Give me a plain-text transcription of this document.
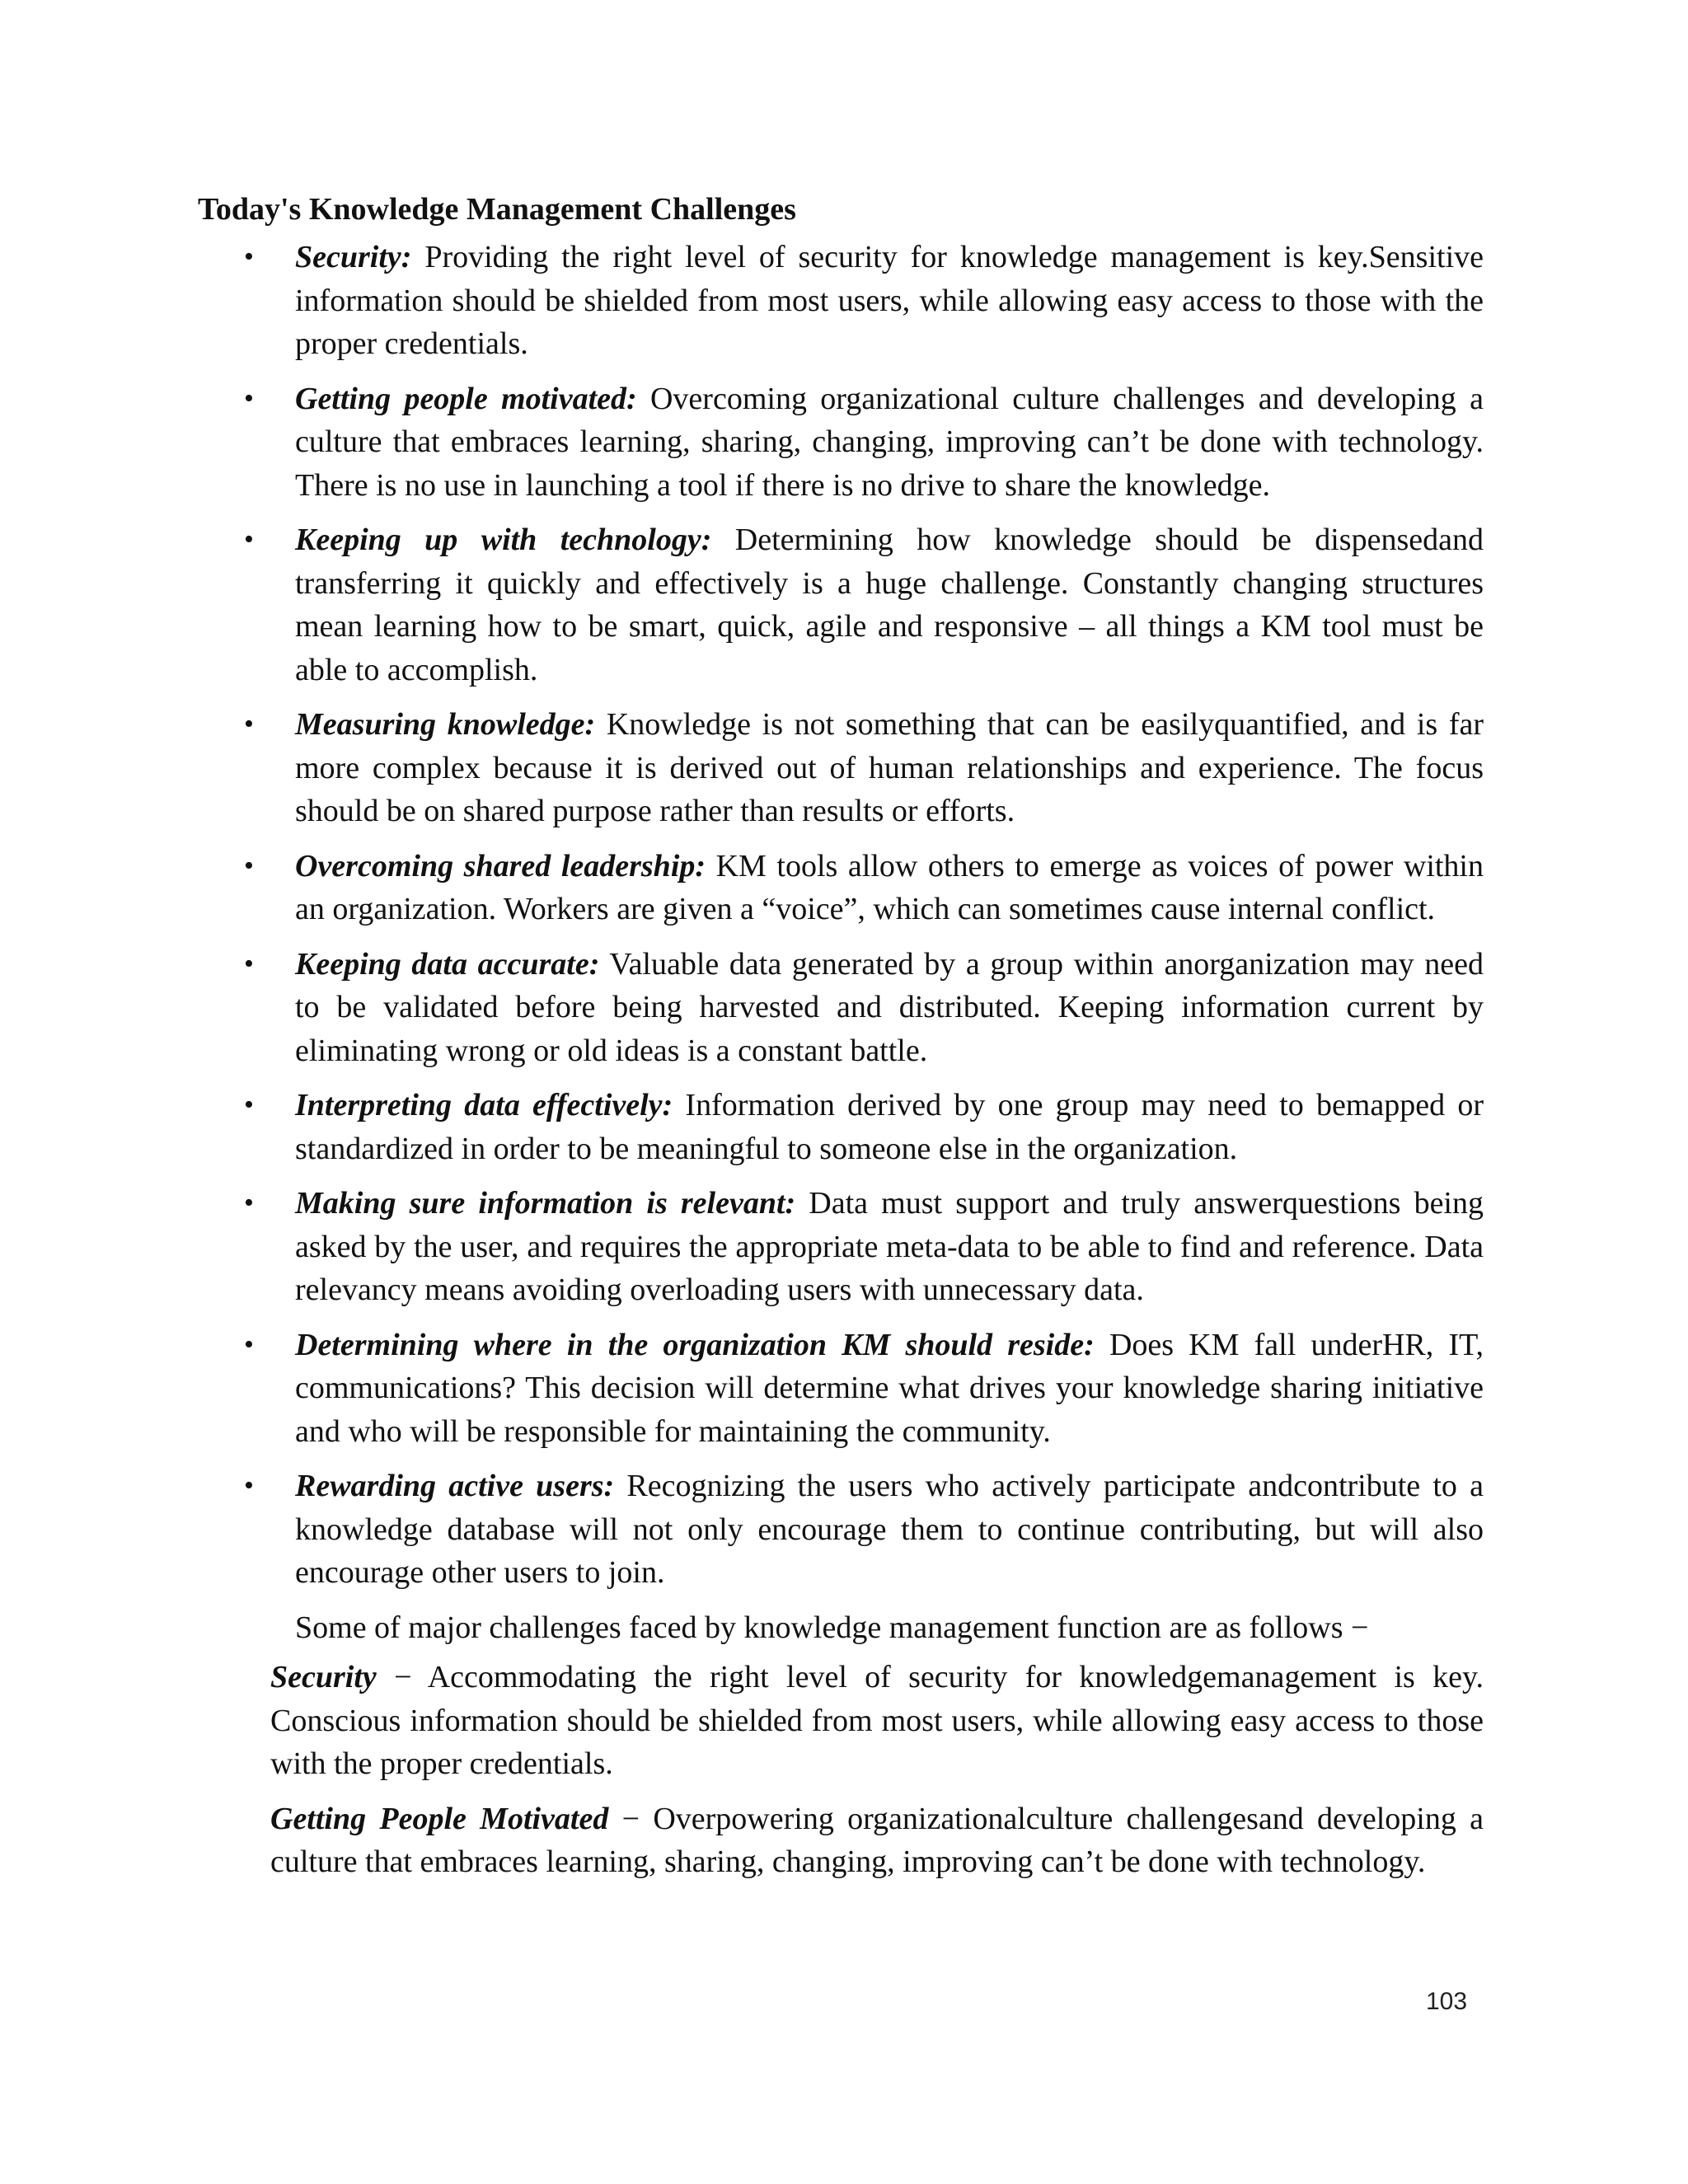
Today's Knowledge Management Challenges
• Security: Providing the right level of security for knowledge management is key.Sensitive information should be shielded from most users, while allowing easy access to those with the proper credentials.
• Getting people motivated: Overcoming organizational culture challenges and developing a culture that embraces learning, sharing, changing, improving can’t be done with technology. There is no use in launching a tool if there is no drive to share the knowledge.
• Keeping up with technology: Determining how knowledge should be dispensedand transferring it quickly and effectively is a huge challenge. Constantly changing structures mean learning how to be smart, quick, agile and responsive – all things a KM tool must be able to accomplish.
• Measuring knowledge: Knowledge is not something that can be easilyquantified, and is far more complex because it is derived out of human relationships and experience. The focus should be on shared purpose rather than results or efforts.
• Overcoming shared leadership: KM tools allow others to emerge as voices of power within an organization. Workers are given a “voice”, which can sometimes cause internal conflict.
• Keeping data accurate: Valuable data generated by a group within anorganization may need to be validated before being harvested and distributed. Keeping information current by eliminating wrong or old ideas is a constant battle.
• Interpreting data effectively: Information derived by one group may need to bemapped or standardized in order to be meaningful to someone else in the organization.
• Making sure information is relevant: Data must support and truly answerquestions being asked by the user, and requires the appropriate meta-data to be able to find and reference. Data relevancy means avoiding overloading users with unnecessary data.
• Determining where in the organization KM should reside: Does KM fall underHR, IT, communications? This decision will determine what drives your knowledge sharing initiative and who will be responsible for maintaining the community.
• Rewarding active users: Recognizing the users who actively participate andcontribute to a knowledge database will not only encourage them to continue contributing, but will also encourage other users to join.

Some of major challenges faced by knowledge management function are as follows −

Security − Accommodating the right level of security for knowledgemanagement is key. Conscious information should be shielded from most users, while allowing easy access to those with the proper credentials.

Getting People Motivated − Overpowering organizationalculture challengesand developing a culture that embraces learning, sharing, changing, improving can’t be done with technology.

103
